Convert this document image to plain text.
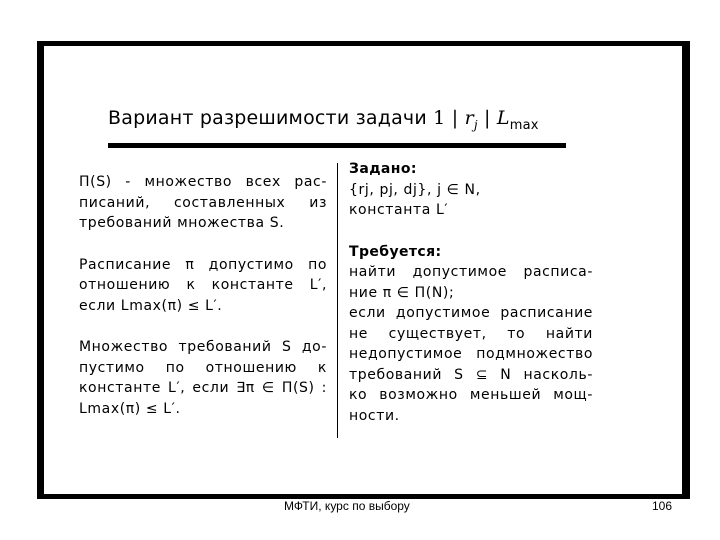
Вариант разрешимости задачи 1 | $r_j$ | $L_{max}$

Π(S) - множество всех рас-

писаний, составленных из

требований множества S.

Расписание π допустимо по

отношению к константе L′,

если Lmax(π) ≤ L′.

Множество требований S до-

пустимо по отношению к

константе L′, если ∃π ∈ Π(S) :

Lmax(π) ≤ L′.

Задано:

{rj, pj, dj}, j ∈ N,

константа L′

Требуется:

найти допустимое расписа-

ние π ∈ Π(N);

если допустимое расписание

не существует, то найти

недопустимое подмножество

требований S ⊆ N насколь-

ко возможно меньшей мощ-

ности.

МФТИ, курс по выбору	106
